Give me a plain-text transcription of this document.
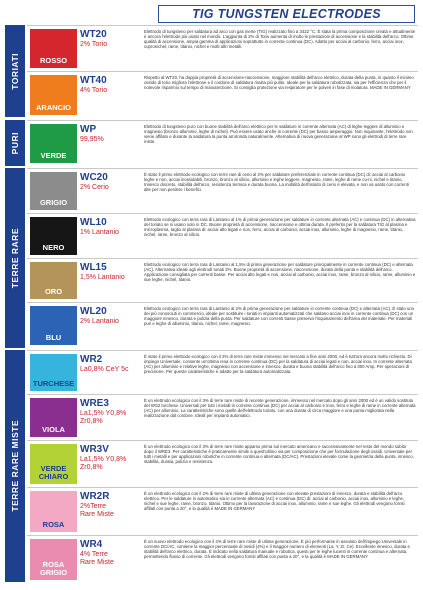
TIG TUNGSTEN ELECTRODES
TORIATI
PURI
TERRE RARE
TERRE RARE MISTE
ROSSO
WT20
2% Torio

Elettrodo di tungsteno per saldatura ad arco con gas inerte (TIG) realizzato fino a 3422 °C. È stata la prima composizione creata e attualmente è ancora l'elettrodo più usato nel mondo. L'aggiunta di 2% di Torio aumenta di molto le prestazioni di accensione e la stabilità dell'arco. Ottime qualità di accensione, ampia gamma di applicazioni soprattutto in corrente continua (DC). Adatto per acciai al carbonio, ferro, acciai inox, cupronichel, rame, titanio, nichel e molti altri metalli.

ARANCIO
WT40
4% Torio

Rispetto al WT20, ha doppia proprietà di accensione-riaccensione, maggiore stabilità dell'arco elettrico, durata della punta, in quanto il minimo ossido di torio migliora l'elettrone e il cordone di saldatura risulta più pulito. Ideale per la saldatura robotizzata, sia per l'efficienza che per il notevole risparmio sul tempo di manutenzione. Si consiglia protezione via respiratore per le polveri in fase di molatura. MADE IN GERMANY

VERDE
WP
99,95%

Elettrodo di tungsteno puro con buone stabilità dell'arco elettrico per le saldature in corrente alternata (AC) di leghe leggere di alluminio e magnesio (bronzo alluminio, leghe di nichel). Può essere usato anche in corrente (DC) per basso amperaggio. Non inquinante, l'elettrodo non viene affilato e durante la saldatura la punta arrotonda naturalmente. Alternativa di nuova generazione al WP sono gli elettrodi di terre rare miste.

GRIGIO
WC20
2% Cerio

È stato il primo elettrodo ecologico con terre rare di cerio al 2% per saldature preferenziale in corrente continua (DC) di: acciai al carbonio leghe e non, acciai inossidabili, bronzo, bronzo al silicio, alluminio e leghe leggere, magnesio, rame, leghe di rame cu-ni, nichel e titanio. Innesco discreto, stabilità dell'arco, resistenza termica e durata buona. La mobilità dell'ossido di cerio è elevata, e non va usato con correnti alte per non perdere i benefici.

NERO
WL10
1% Lantanio

Elettrodo ecologico con terra rara di Lantanio al 1% di prima generazione per saldature in corrente alternata (AC) e continua (DC) in alternativa del toriato se si usano solo in DC. Buone proprietà di accensione, riaccensione e ottima durata. Il preferito per la saldatura TIG al plasma e microplasma, taglio al plasma di: acciai alto legati e non, ferro, acciai al carbonio, acciai inox, alluminio, leghe di magnesio, rame, titanio, nichel, rame, bronzo al silicio.

ORO
WL15
1,5% Lantanio

Elettrodo ecologico con terra rara di Lantanio al 1,5% di prima generazione per saldature principalmente in corrente continua (DC) e alternata (AC). Alternativa ideale agli elettrodi toriati 2%. Buone proprietà di accensione, riaccensione, durata della punta e stabilità dell'arco. Applicazione consigliata per correnti basse. Per acciai alto legati e non, acciai al carbonio, acciai inox, rame, bronzo al silicio, rame, alluminio e sue leghe, nichel, titanio.

BLU
WL20
2% Lantanio

Elettrodo ecologico con terra rara di Lantanio al 2% di prima generazione per saldature in corrente continua (DC) e alternata (AC). È stato uno dei più conosciuti in commercio, ideale per sostituire i toriati in impianti automatizzati che saldano acciai inox in corrente continua (DC) con un maggiore innesco, durata e pulizia della punta. Per saldature con correnti basse preserva l'inquinamento dell'area del materiale. Per materiali puri e leghe di alluminio, titanio, nichel, rame, magnesio.

TURCHESE
WR2
La0,8% CeY 5c

È stato il primo elettrodo ecologico con il 2% di terre rare miste immesso nel mercato a fine anni 2000, ed è tutt'ora ancora molto richiesto. Di impiego Universale, consente un'ottima resa in corrente continua (DC) per la saldatura di acciai legati e non, acciai inox. In corrente alternata (AC) per alluminio e relative leghe, magnesio con accensione e innesco, durata e buona stabilità dell'arco fino a 300 Amp. Per operazioni di precisione. Per queste caratteristiche è adatto per la saldatura automatizzata.

VIOLA
WRE3
La1,5% Y0,8%
Zr0,8%

È un elettrodo ecologico con il 3% di terre rare miste di recente generazione, immesso nel mercato dopo gli anni 2000 ed è un valido sostituto del WS2 turchese. Universali per tutti i metalli in corrente continua (DC) per acciai al carbonio e inox, ferro e leghe di rame in corrente alternata (AC) per alluminio. La caratteristiche sono quelle dell'elettrodo toriato, con una durata di circa maggiore e una punta migliorata nella realizzazione dal cordone. Ideali per impianti automatici.

VERDE CHIARO
WR3V
La1,5% Y0,8%
Zr0,8%

È un elettrodo ecologico con il 3% di terre rare miste apparso prima sul mercato americano e successivamente nel resto del mondo subito dopo il WRE3. Per caratteristiche è praticamente simile a quest'ultimo sia per composizione che per formulazione degli ossidi. Universale per tutti i metalli e per applicazioni robotiche in corrente continua e alternata (DC/AC). Prestazioni elevate come la geometria della punta, innesco, stabilità, durata, pulizia e resistenza.

ROSA
WR2R
2%Terre
Rare Miste

È un elettrodo ecologico con il 2% di terre rare miste di ultima generazione con elevate prestazioni di innesco, durata e stabilità dell'arco elettrico. Per le saldature in automatico sia in corrente alternata (AC) e continua (DC) di: acciai al carbonio, acciai inox, alluminio e leghe, nichel e sue leghe, rame, bronzo, titanio. Ottimo per la lavorazione di acciai inox, alluminio, rame e sue leghe. Gli elettrodi vengono forniti affilati con punta a 20°, e la qualità è MADE IN GERMANY

ROSA GRIGIO
WR4
4% Terre
Rare Miste

È un nuovo elettrodo ecologico con il 4% di terre rare miste di ultima generazione. È più performante in assoluto dell'impiego Universale in corrente DC/AC, contiene la maggior percentuale di ossidi (4%) e il maggior numero di elementi (La, Y, Zr, Ce). Eccellente innesco, durata e stabilità dell'arco elettrico, durata. È indicato nella saldatura manuale e robotica, questi per le leghe lucenti in corrente continua e alternata, permettendo flusso di corrente. Gli elettrodi vengono forniti affilati con punta a 20°, e la qualità è MADE IN GERMANY
